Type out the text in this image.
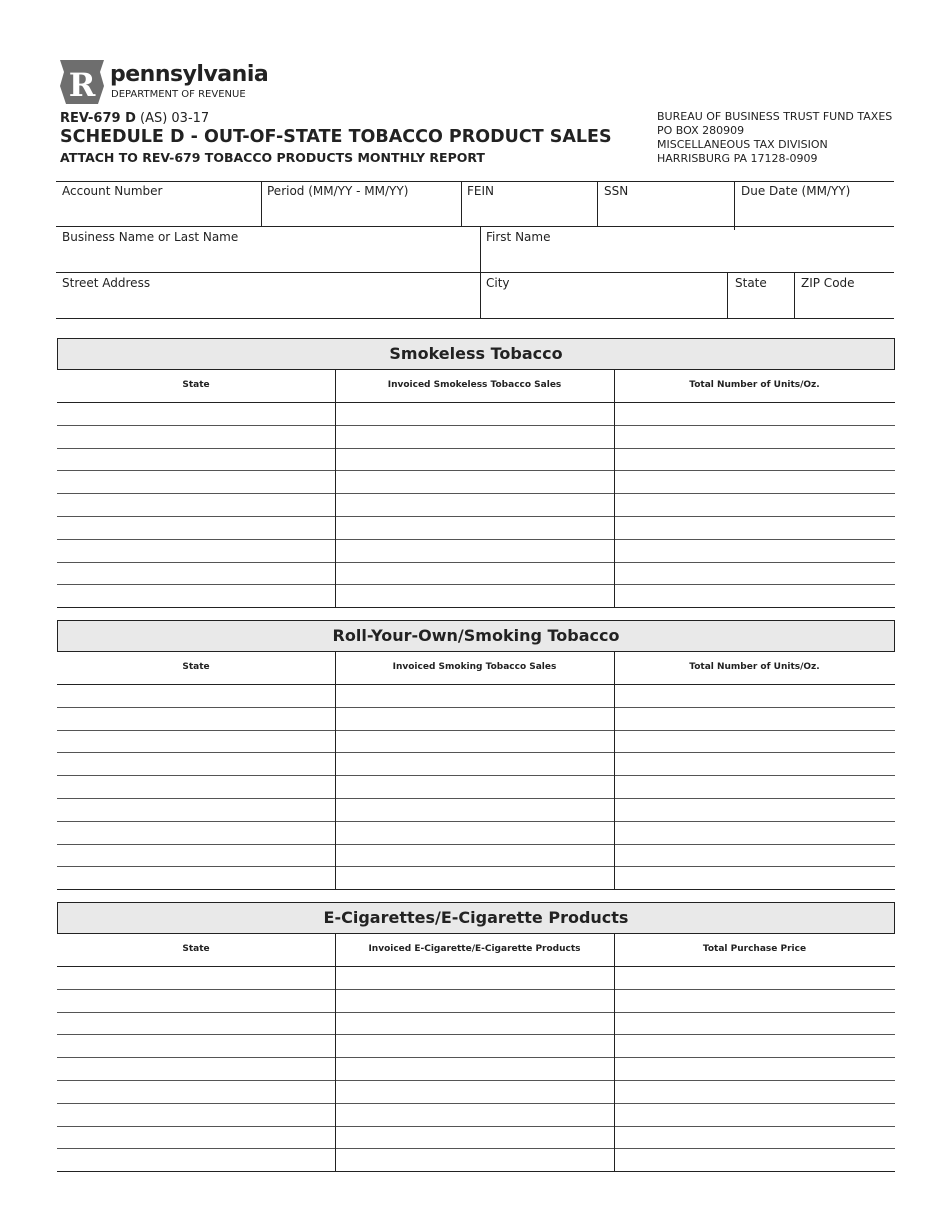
R pennsylvania
DEPARTMENT OF REVENUE
REV-679 D (AS) 03-17
SCHEDULE D - OUT-OF-STATE TOBACCO PRODUCT SALES
ATTACH TO REV-679 TOBACCO PRODUCTS MONTHLY REPORT
BUREAU OF BUSINESS TRUST FUND TAXES
PO BOX 280909
MISCELLANEOUS TAX DIVISION
HARRISBURG PA 17128-0909
Account Number	Period (MM/YY - MM/YY)	FEIN	SSN	Due Date (MM/YY)
Business Name or Last Name	First Name
Street Address	City	State	ZIP Code
Smokeless Tobacco
State	Invoiced Smokeless Tobacco Sales	Total Number of Units/Oz.
Roll-Your-Own/Smoking Tobacco
State	Invoiced Smoking Tobacco Sales	Total Number of Units/Oz.
E-Cigarettes/E-Cigarette Products
State	Invoiced E-Cigarette/E-Cigarette Products	Total Purchase Price
